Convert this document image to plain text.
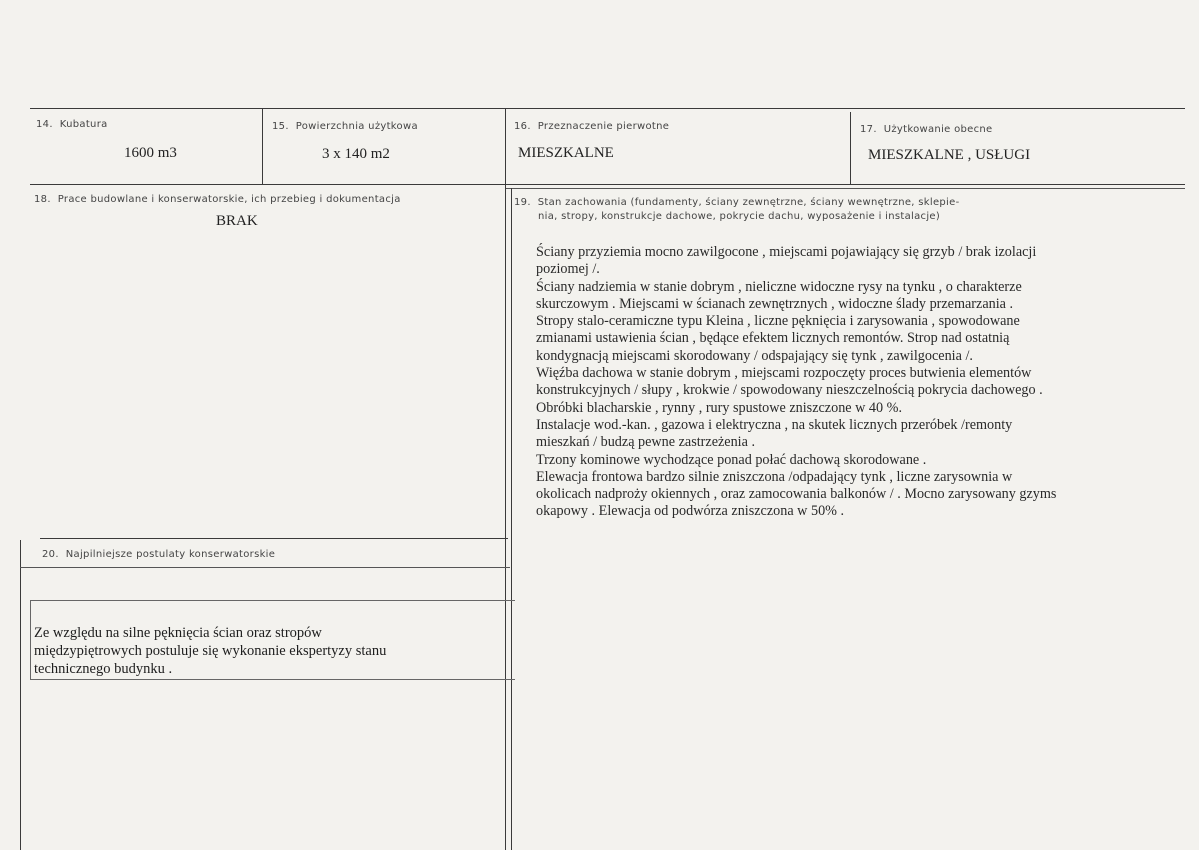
14.  Kubatura
1600 m3
15.  Powierzchnia użytkowa
3 x 140 m2
16.  Przeznaczenie pierwotne
MIESZKALNE
17.  Użytkowanie obecne
MIESZKALNE , USŁUGI
18.  Prace budowlane i konserwatorskie, ich przebieg i dokumentacja
BRAK
19.  Stan zachowania (fundamenty, ściany zewnętrzne, ściany wewnętrzne, sklepie-
nia, stropy, konstrukcje dachowe, pokrycie dachu, wyposażenie i instalacje)
Ściany przyziemia mocno zawilgocone , miejscami pojawiający się grzyb / brak izolacji
poziomej /.
Ściany nadziemia w stanie dobrym , nieliczne widoczne rysy na tynku , o charakterze
skurczowym . Miejscami w ścianach zewnętrznych , widoczne ślady przemarzania .
Stropy stalo-ceramiczne typu Kleina , liczne pęknięcia i zarysowania , spowodowane
zmianami ustawienia ścian , będące efektem licznych remontów. Strop nad ostatnią
kondygnacją miejscami skorodowany / odspajający się tynk , zawilgocenia /.
Więźba dachowa w stanie dobrym , miejscami rozpoczęty proces butwienia elementów
konstrukcyjnych / słupy , krokwie / spowodowany nieszczelnością pokrycia dachowego .
Obróbki blacharskie , rynny , rury spustowe zniszczone w 40 %.
Instalacje wod.-kan. , gazowa i elektryczna , na skutek licznych przeróbek /remonty
mieszkań / budzą pewne zastrzeżenia .
Trzony kominowe wychodzące ponad połać dachową skorodowane .
Elewacja frontowa bardzo silnie zniszczona /odpadający tynk , liczne zarysownia w
okolicach nadproży okiennych , oraz zamocowania balkonów / . Mocno zarysowany gzyms
okapowy . Elewacja od podwórza zniszczona w 50% .
20.  Najpilniejsze postulaty konserwatorskie
Ze względu na silne pęknięcia ścian oraz stropów
międzypiętrowych postuluje się wykonanie ekspertyzy stanu
technicznego budynku .
